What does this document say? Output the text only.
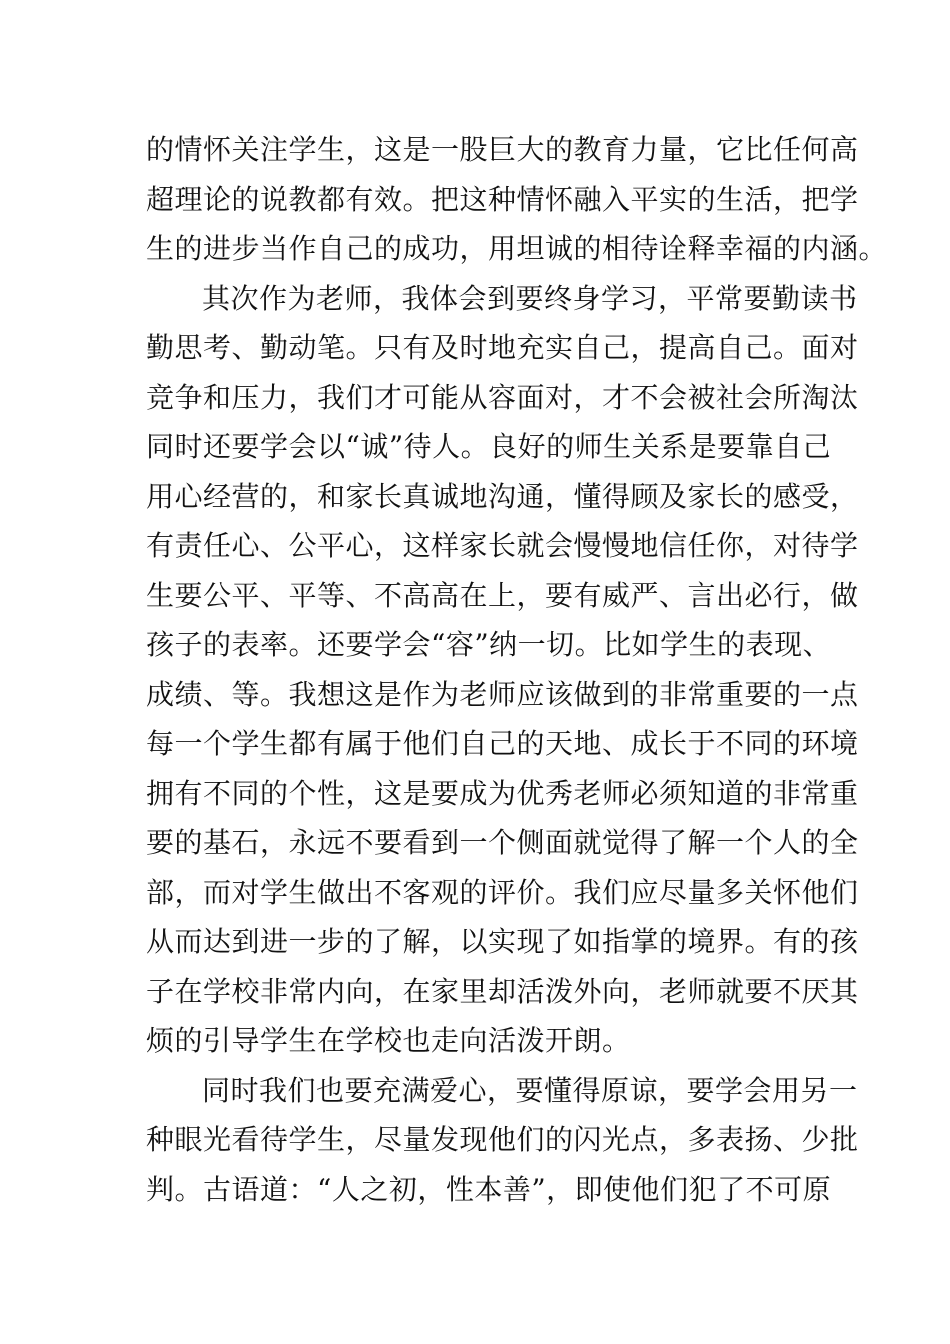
的情怀关注学生，这是一股巨大的教育力量，它比任何高
超理论的说教都有效。把这种情怀融入平实的生活，把学
生的进步当作自己的成功，用坦诚的相待诠释幸福的内涵。
其次作为老师，我体会到要终身学习，平常要勤读书
勤思考、勤动笔。只有及时地充实自己，提高自己。面对
竞争和压力，我们才可能从容面对，才不会被社会所淘汰
同时还要学会以“诚”待人。良好的师生关系是要靠自己
用心经营的，和家长真诚地沟通，懂得顾及家长的感受，
有责任心、公平心，这样家长就会慢慢地信任你，对待学
生要公平、平等、不高高在上，要有威严、言出必行，做
孩子的表率。还要学会“容”纳一切。比如学生的表现、
成绩、等。我想这是作为老师应该做到的非常重要的一点
每一个学生都有属于他们自己的天地、成长于不同的环境
拥有不同的个性，这是要成为优秀老师必须知道的非常重
要的基石，永远不要看到一个侧面就觉得了解一个人的全
部，而对学生做出不客观的评价。我们应尽量多关怀他们
从而达到进一步的了解，以实现了如指掌的境界。有的孩
子在学校非常内向，在家里却活泼外向，老师就要不厌其
烦的引导学生在学校也走向活泼开朗。
同时我们也要充满爱心，要懂得原谅，要学会用另一
种眼光看待学生，尽量发现他们的闪光点，多表扬、少批
判。古语道：“人之初，性本善”，即使他们犯了不可原
